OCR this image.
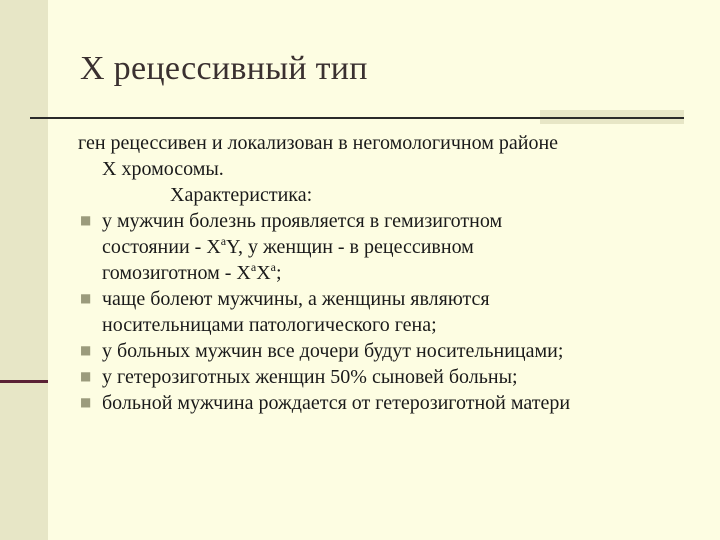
X рецессивный тип

ген рецессивен и локализован в негомологичном районе
X хромосомы.

Характеристика:

■ у мужчин болезнь проявляется в гемизиготном
состоянии - $X^aY$, у женщин - в рецессивном
гомозиготном - $X^aX^a$;
■ чаще болеют мужчины, а женщины являются
носительницами патологического гена;
■ у больных мужчин все дочери будут носительницами;
■ у гетерозиготных женщин 50% сыновей больны;
■ больной мужчина рождается от гетерозиготной матери
